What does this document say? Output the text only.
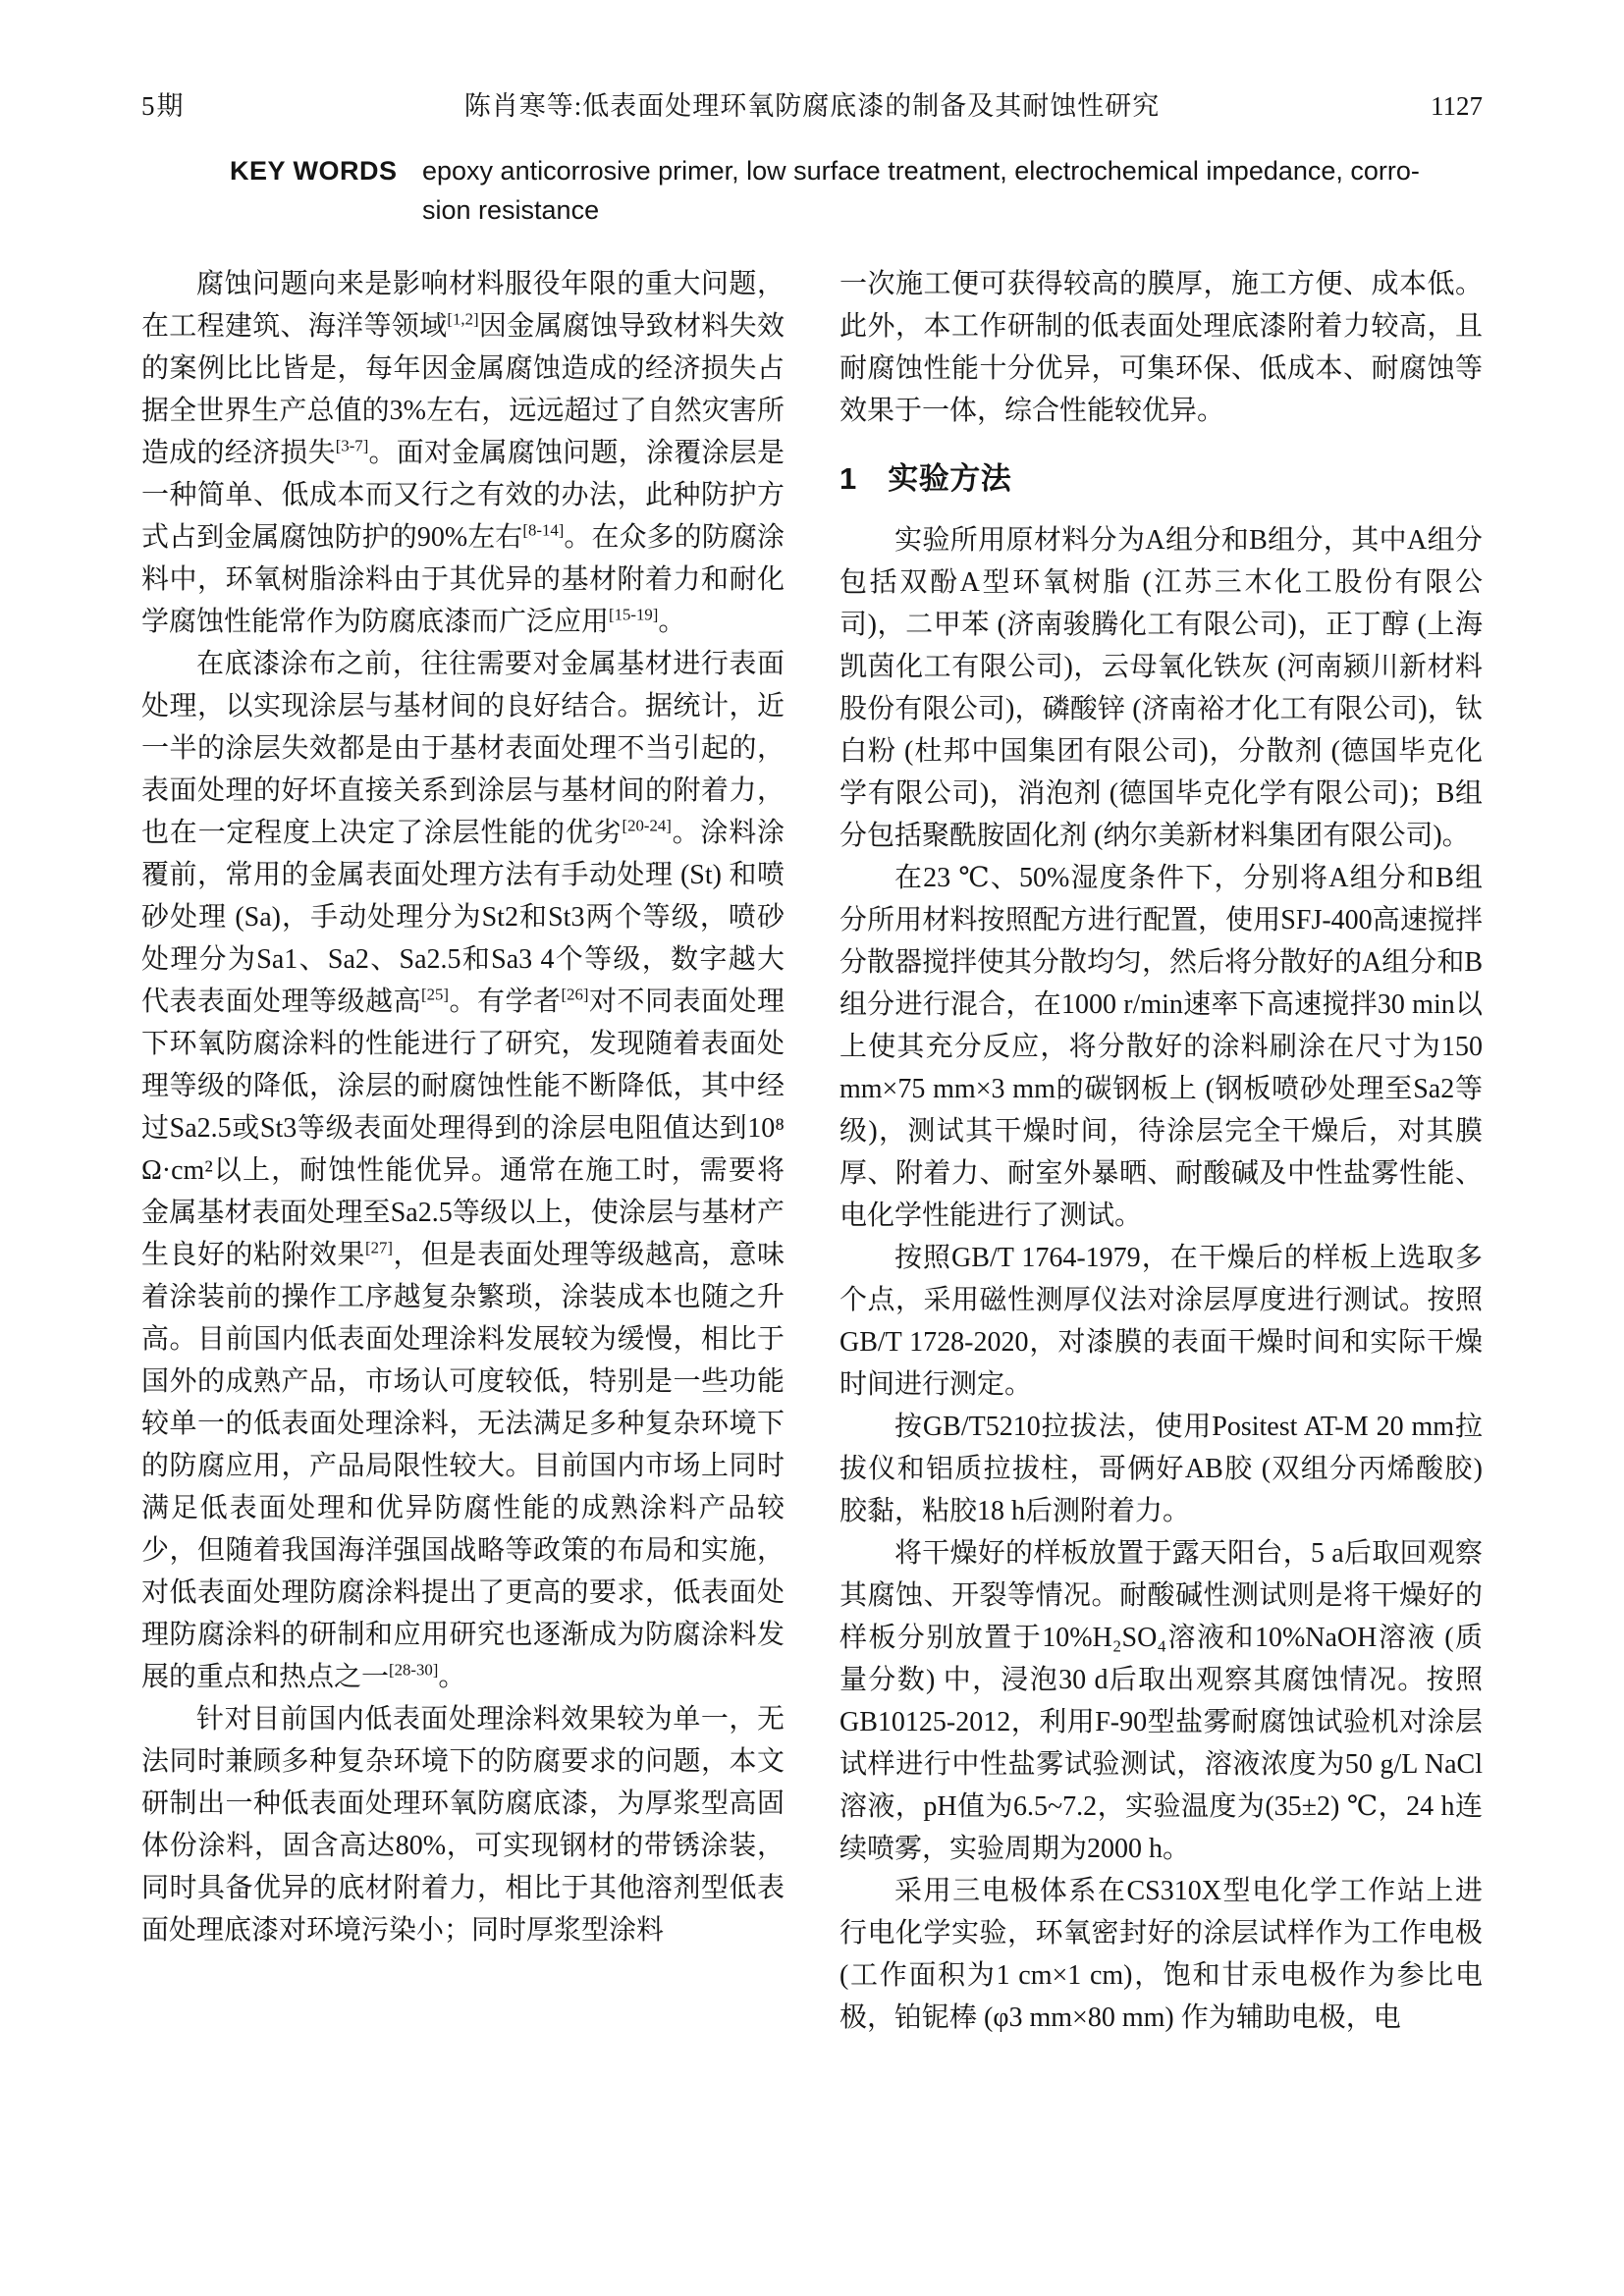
5期	陈肖寒等:低表面处理环氧防腐底漆的制备及其耐蚀性研究	1127
KEY WORDS epoxy anticorrosive primer, low surface treatment, electrochemical impedance, corro-
sion resistance

腐蚀问题向来是影响材料服役年限的重大问题，在工程建筑、海洋等领域[1,2]因金属腐蚀导致材料失效的案例比比皆是，每年因金属腐蚀造成的经济损失占据全世界生产总值的3%左右，远远超过了自然灾害所造成的经济损失[3-7]。面对金属腐蚀问题，涂覆涂层是一种简单、低成本而又行之有效的办法，此种防护方式占到金属腐蚀防护的90%左右[8-14]。在众多的防腐涂料中，环氧树脂涂料由于其优异的基材附着力和耐化学腐蚀性能常作为防腐底漆而广泛应用[15-19]。

在底漆涂布之前，往往需要对金属基材进行表面处理，以实现涂层与基材间的良好结合。据统计，近一半的涂层失效都是由于基材表面处理不当引起的，表面处理的好坏直接关系到涂层与基材间的附着力，也在一定程度上决定了涂层性能的优劣[20-24]。涂料涂覆前，常用的金属表面处理方法有手动处理 (St) 和喷砂处理 (Sa)，手动处理分为St2和St3两个等级，喷砂处理分为Sa1、Sa2、Sa2.5和Sa3 4个等级，数字越大代表表面处理等级越高[25]。有学者[26]对不同表面处理下环氧防腐涂料的性能进行了研究，发现随着表面处理等级的降低，涂层的耐腐蚀性能不断降低，其中经过Sa2.5或St3等级表面处理得到的涂层电阻值达到10⁸ Ω·cm²以上，耐蚀性能优异。通常在施工时，需要将金属基材表面处理至Sa2.5等级以上，使涂层与基材产生良好的粘附效果[27]，但是表面处理等级越高，意味着涂装前的操作工序越复杂繁琐，涂装成本也随之升高。目前国内低表面处理涂料发展较为缓慢，相比于国外的成熟产品，市场认可度较低，特别是一些功能较单一的低表面处理涂料，无法满足多种复杂环境下的防腐应用，产品局限性较大。目前国内市场上同时满足低表面处理和优异防腐性能的成熟涂料产品较少，但随着我国海洋强国战略等政策的布局和实施，对低表面处理防腐涂料提出了更高的要求，低表面处理防腐涂料的研制和应用研究也逐渐成为防腐涂料发展的重点和热点之一[28-30]。

针对目前国内低表面处理涂料效果较为单一，无法同时兼顾多种复杂环境下的防腐要求的问题，本文研制出一种低表面处理环氧防腐底漆，为厚浆型高固体份涂料，固含高达80%，可实现钢材的带锈涂装，同时具备优异的底材附着力，相比于其他溶剂型低表面处理底漆对环境污染小；同时厚浆型涂料

一次施工便可获得较高的膜厚，施工方便、成本低。此外，本工作研制的低表面处理底漆附着力较高，且耐腐蚀性能十分优异，可集环保、低成本、耐腐蚀等效果于一体，综合性能较优异。

1　实验方法

实验所用原材料分为A组分和B组分，其中A组分包括双酚A型环氧树脂 (江苏三木化工股份有限公司)，二甲苯 (济南骏腾化工有限公司)，正丁醇 (上海凯茵化工有限公司)，云母氧化铁灰 (河南颍川新材料股份有限公司)，磷酸锌 (济南裕才化工有限公司)，钛白粉 (杜邦中国集团有限公司)，分散剂 (德国毕克化学有限公司)，消泡剂 (德国毕克化学有限公司)；B组分包括聚酰胺固化剂 (纳尔美新材料集团有限公司)。

在23 ℃、50%湿度条件下，分别将A组分和B组分所用材料按照配方进行配置，使用SFJ-400高速搅拌分散器搅拌使其分散均匀，然后将分散好的A组分和B组分进行混合，在1000 r/min速率下高速搅拌30 min以上使其充分反应，将分散好的涂料刷涂在尺寸为150 mm×75 mm×3 mm的碳钢板上 (钢板喷砂处理至Sa2等级)，测试其干燥时间，待涂层完全干燥后，对其膜厚、附着力、耐室外暴晒、耐酸碱及中性盐雾性能、电化学性能进行了测试。

按照GB/T 1764-1979，在干燥后的样板上选取多个点，采用磁性测厚仪法对涂层厚度进行测试。按照GB/T 1728-2020，对漆膜的表面干燥时间和实际干燥时间进行测定。

按GB/T5210拉拔法，使用Positest AT-M 20 mm拉拔仪和铝质拉拔柱，哥俩好AB胶 (双组分丙烯酸胶) 胶黏，粘胶18 h后测附着力。

将干燥好的样板放置于露天阳台，5 a后取回观察其腐蚀、开裂等情况。耐酸碱性测试则是将干燥好的样板分别放置于10%H₂SO₄溶液和10%NaOH溶液 (质量分数) 中，浸泡30 d后取出观察其腐蚀情况。按照GB10125-2012，利用F-90型盐雾耐腐蚀试验机对涂层试样进行中性盐雾试验测试，溶液浓度为50 g/L NaCl溶液，pH值为6.5~7.2，实验温度为(35±2) ℃，24 h连续喷雾，实验周期为2000 h。

采用三电极体系在CS310X型电化学工作站上进行电化学实验，环氧密封好的涂层试样作为工作电极 (工作面积为1 cm×1 cm)，饱和甘汞电极作为参比电极，铂铌棒 (φ3 mm×80 mm) 作为辅助电极，电
